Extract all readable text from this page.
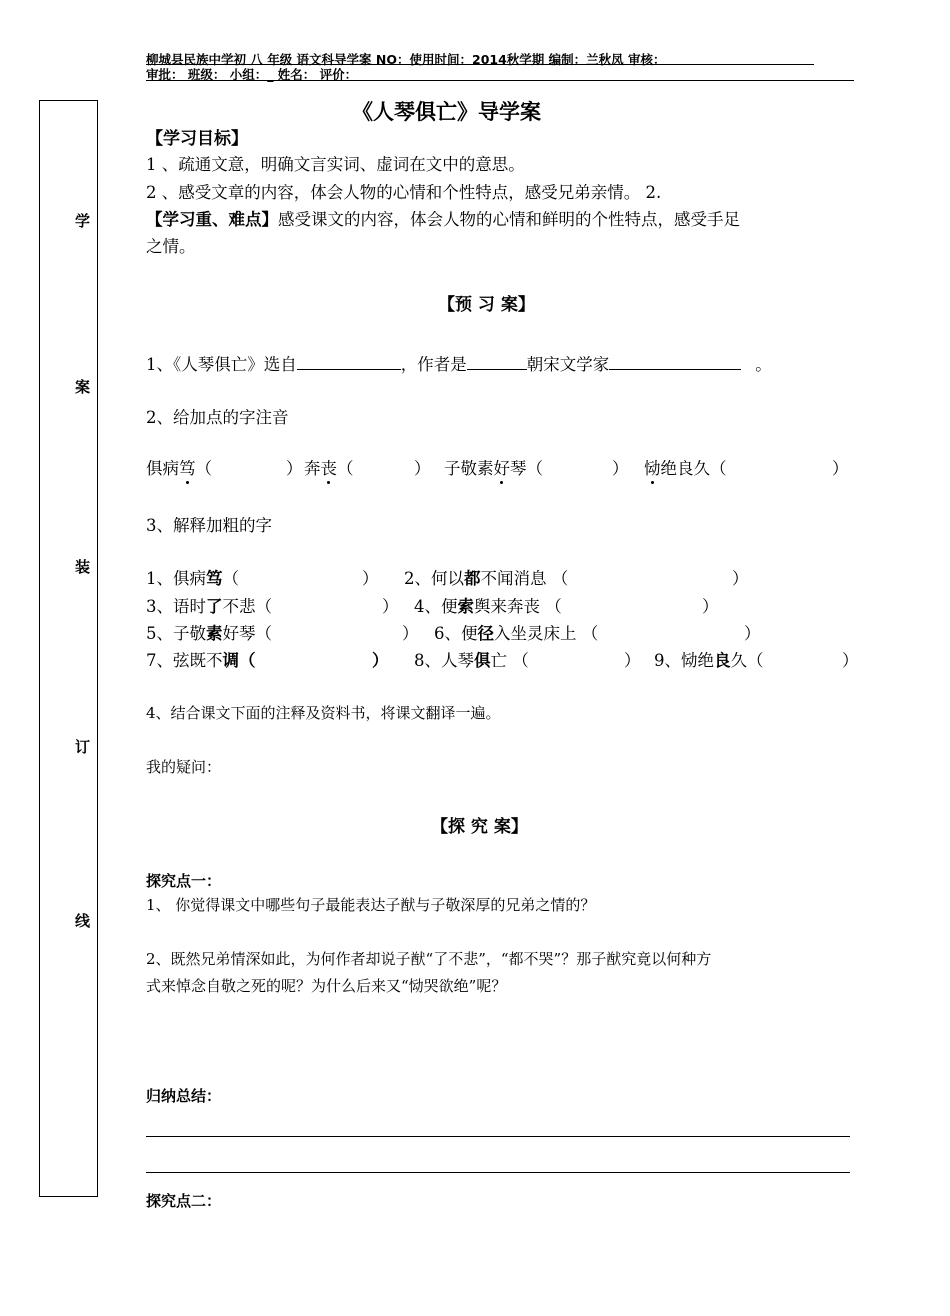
柳城县民族中学初 八 年级 语文科导学案 NO：使用时间：2014秋学期 编制：兰秋凤 审核：
审批： 班级： 小组：_ 姓名： 评价：
学
案
装
订
线
《人琴俱亡》导学案
【学习目标】
1 、疏通文意，明确文言实词、虚词在文中的意思。
2 、感受文章的内容，体会人物的心情和个性特点，感受兄弟亲情。 2.
【学习重、难点】感受课文的内容，体会人物的心情和鲜明的个性特点，感受手足
之情。
【预 习 案】
1、《人琴俱亡》选自	，作者是	朝宋文学家	。
2、给加点的字注音
俱病笃（	） 奔丧（	） 子敬素好琴（	） 恸绝良久（	）
3、解释加粗的字
1、俱病笃（	） 2、何以都不闻消息 （	）
3、语时了不悲（	） 4、便索舆来奔丧 （	）
5、子敬素好琴（	） 6、便径入坐灵床上 （	）
7、弦既不调（	） 8、人琴俱亡 （	） 9、恸绝良久（	）
4、结合课文下面的注释及资料书，将课文翻译一遍。
我的疑问：
【探 究 案】
探究点一：
1、 你觉得课文中哪些句子最能表达子猷与子敬深厚的兄弟之情的？
2、既然兄弟情深如此，为何作者却说子猷“了不悲”，“都不哭”？那子猷究竟以何种方
式来悼念自敬之死的呢？为什么后来又“恸哭欲绝”呢？
归纳总结：
探究点二：
